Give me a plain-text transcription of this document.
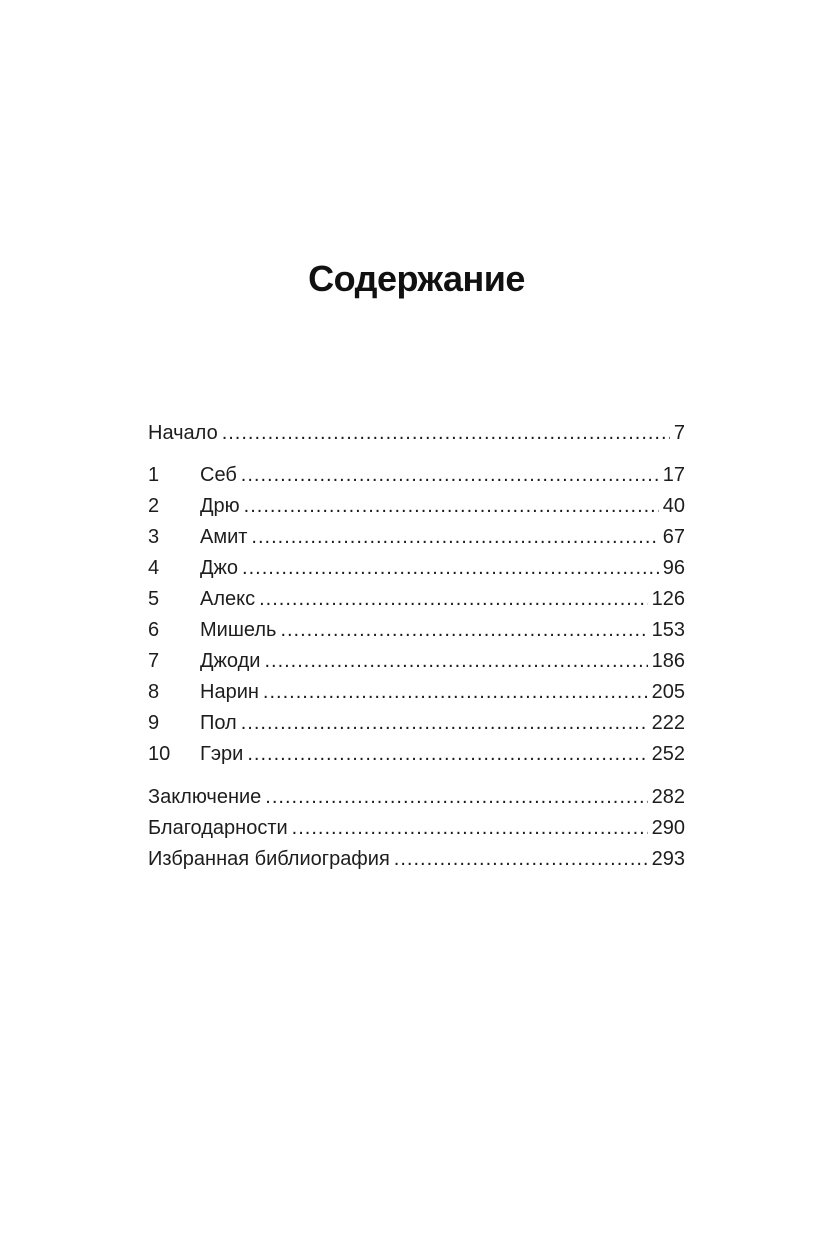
Содержание
Начало .....	7
1	Себ .....	17
2	Дрю .....	40
3	Амит .....	67
4	Джо .....	96
5	Алекс .....	126
6	Мишель .....	153
7	Джоди .....	186
8	Нарин .....	205
9	Пол .....	222
10	Гэри .....	252
Заключение .....	282
Благодарности .....	290
Избранная библиография .....	293
